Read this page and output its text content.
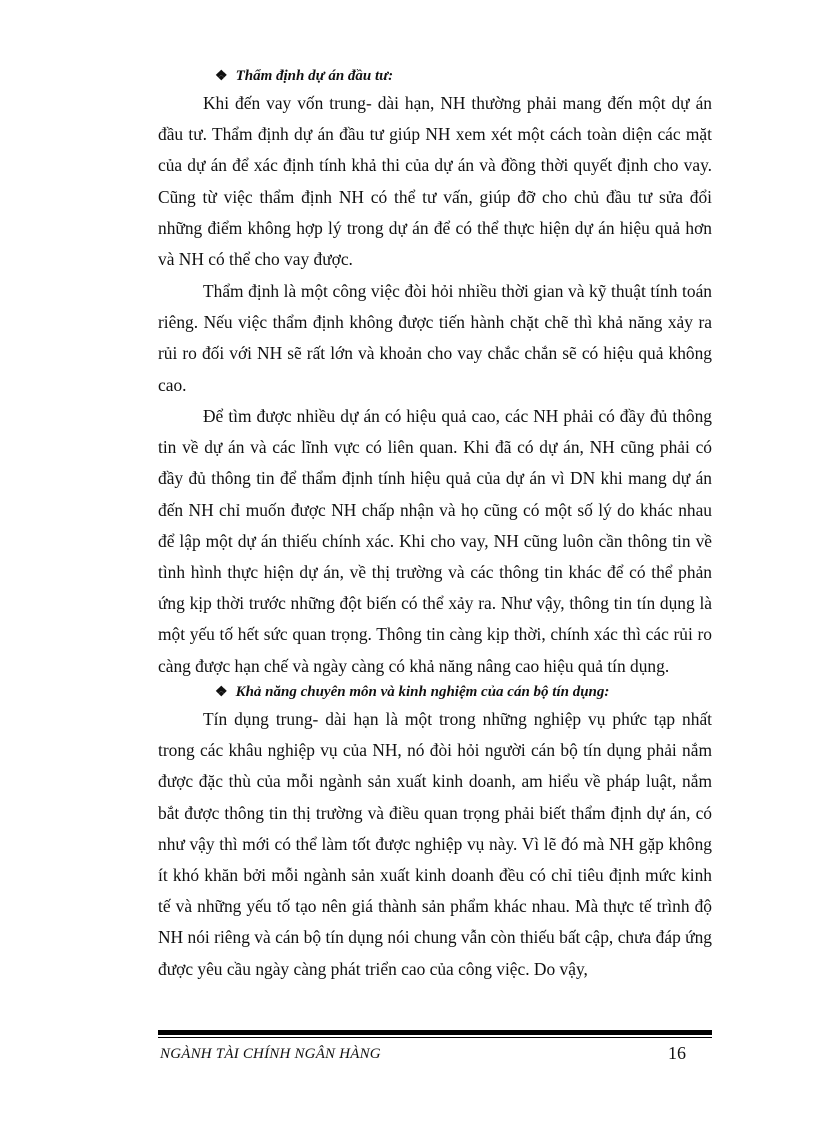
❖ Thẩm định dự án đầu tư:

Khi đến vay vốn trung- dài hạn, NH thường phải mang đến một dự án đầu tư. Thẩm định dự án đầu tư giúp NH xem xét một cách toàn diện các mặt của dự án để xác định tính khả thi của dự án và đồng thời quyết định cho vay. Cũng từ việc thẩm định NH có thể tư vấn, giúp đỡ cho chủ đầu tư sửa đổi những điểm không hợp lý trong dự án để có thể thực hiện dự án hiệu quả hơn và NH có thể cho vay được.

Thẩm định là một công việc đòi hỏi nhiều thời gian và kỹ thuật tính toán riêng. Nếu việc thẩm định không được tiến hành chặt chẽ thì khả năng xảy ra rủi ro đối với NH sẽ rất lớn và khoản cho vay chắc chắn sẽ có hiệu quả không cao.

Để tìm được nhiều dự án có hiệu quả cao, các NH phải có đầy đủ thông tin về dự án và các lĩnh vực có liên quan. Khi đã có dự án, NH cũng phải có đầy đủ thông tin để thẩm định tính hiệu quả của dự án vì DN khi mang dự án đến NH chỉ muốn được NH chấp nhận và họ cũng có một số lý do khác nhau để lập một dự án thiếu chính xác. Khi cho vay, NH cũng luôn cần thông tin về tình hình thực hiện dự án, về thị trường và các thông tin khác để có thể phản ứng kịp thời trước những đột biến có thể xảy ra. Như vậy, thông tin tín dụng là một yếu tố hết sức quan trọng. Thông tin càng kịp thời, chính xác thì các rủi ro càng được hạn chế và ngày càng có khả năng nâng cao hiệu quả tín dụng.

❖ Khả năng chuyên môn và kinh nghiệm của cán bộ tín dụng:

Tín dụng trung- dài hạn là một trong những nghiệp vụ phức tạp nhất trong các khâu nghiệp vụ của NH, nó đòi hỏi người cán bộ tín dụng phải nắm được đặc thù của mỗi ngành sản xuất kinh doanh, am hiểu về pháp luật, nắm bắt được thông tin thị trường và điều quan trọng phải biết thẩm định dự án, có như vậy thì mới có thể làm tốt được nghiệp vụ này. Vì lẽ đó mà NH gặp không ít khó khăn bởi mỗi ngành sản xuất kinh doanh đều có chỉ tiêu định mức kinh tế và những yếu tố tạo nên giá thành sản phẩm khác nhau. Mà thực tế trình độ NH nói riêng và cán bộ tín dụng nói chung vẫn còn thiếu bất cập, chưa đáp ứng được yêu cầu ngày càng phát triển cao của công việc. Do vậy,

NGÀNH TÀI CHÍNH NGÂN HÀNG	16
